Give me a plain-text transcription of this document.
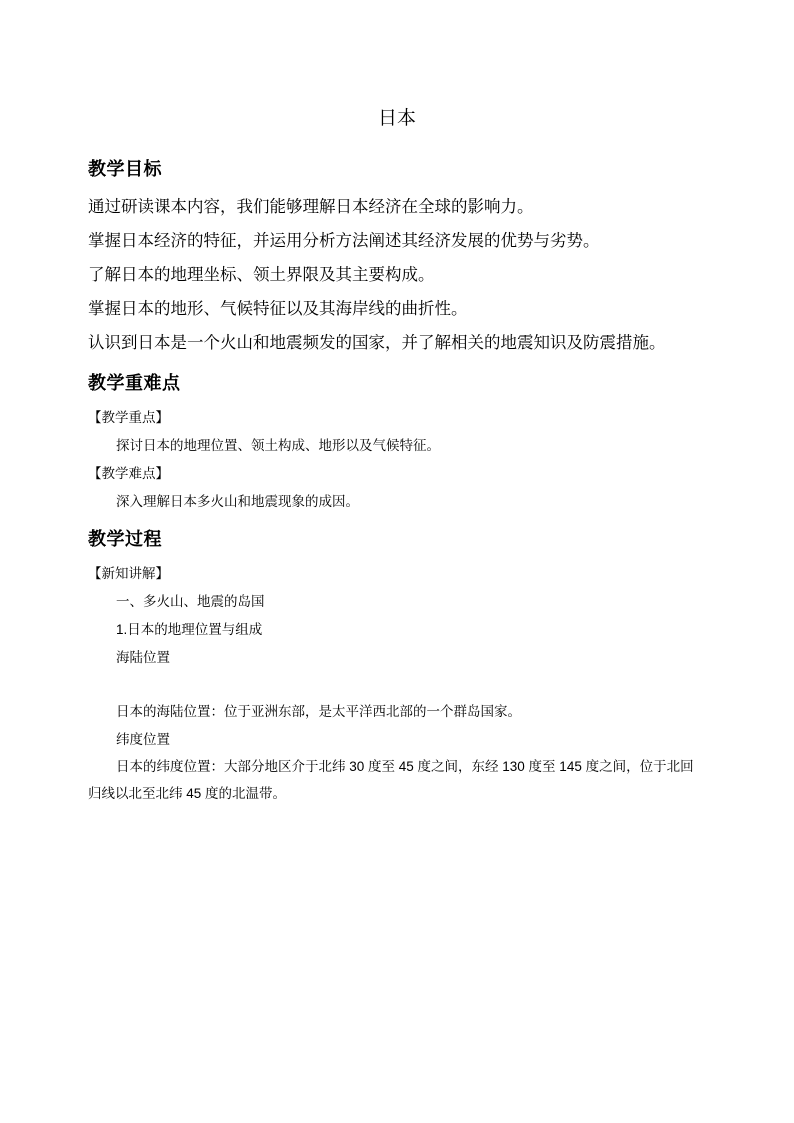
日本
教学目标

通过研读课本内容，我们能够理解日本经济在全球的影响力。

掌握日本经济的特征，并运用分析方法阐述其经济发展的优势与劣势。

了解日本的地理坐标、领土界限及其主要构成。

掌握日本的地形、气候特征以及其海岸线的曲折性。

认识到日本是一个火山和地震频发的国家，并了解相关的地震知识及防震措施。

教学重难点

【教学重点】

探讨日本的地理位置、领土构成、地形以及气候特征。

【教学难点】

深入理解日本多火山和地震现象的成因。

教学过程

【新知讲解】

一、多火山、地震的岛国

1.日本的地理位置与组成

海陆位置

日本的海陆位置：位于亚洲东部，是太平洋西北部的一个群岛国家。

纬度位置

日本的纬度位置：大部分地区介于北纬 30 度至 45 度之间，东经 130 度至 145 度之间，位于北回

归线以北至北纬 45 度的北温带。
